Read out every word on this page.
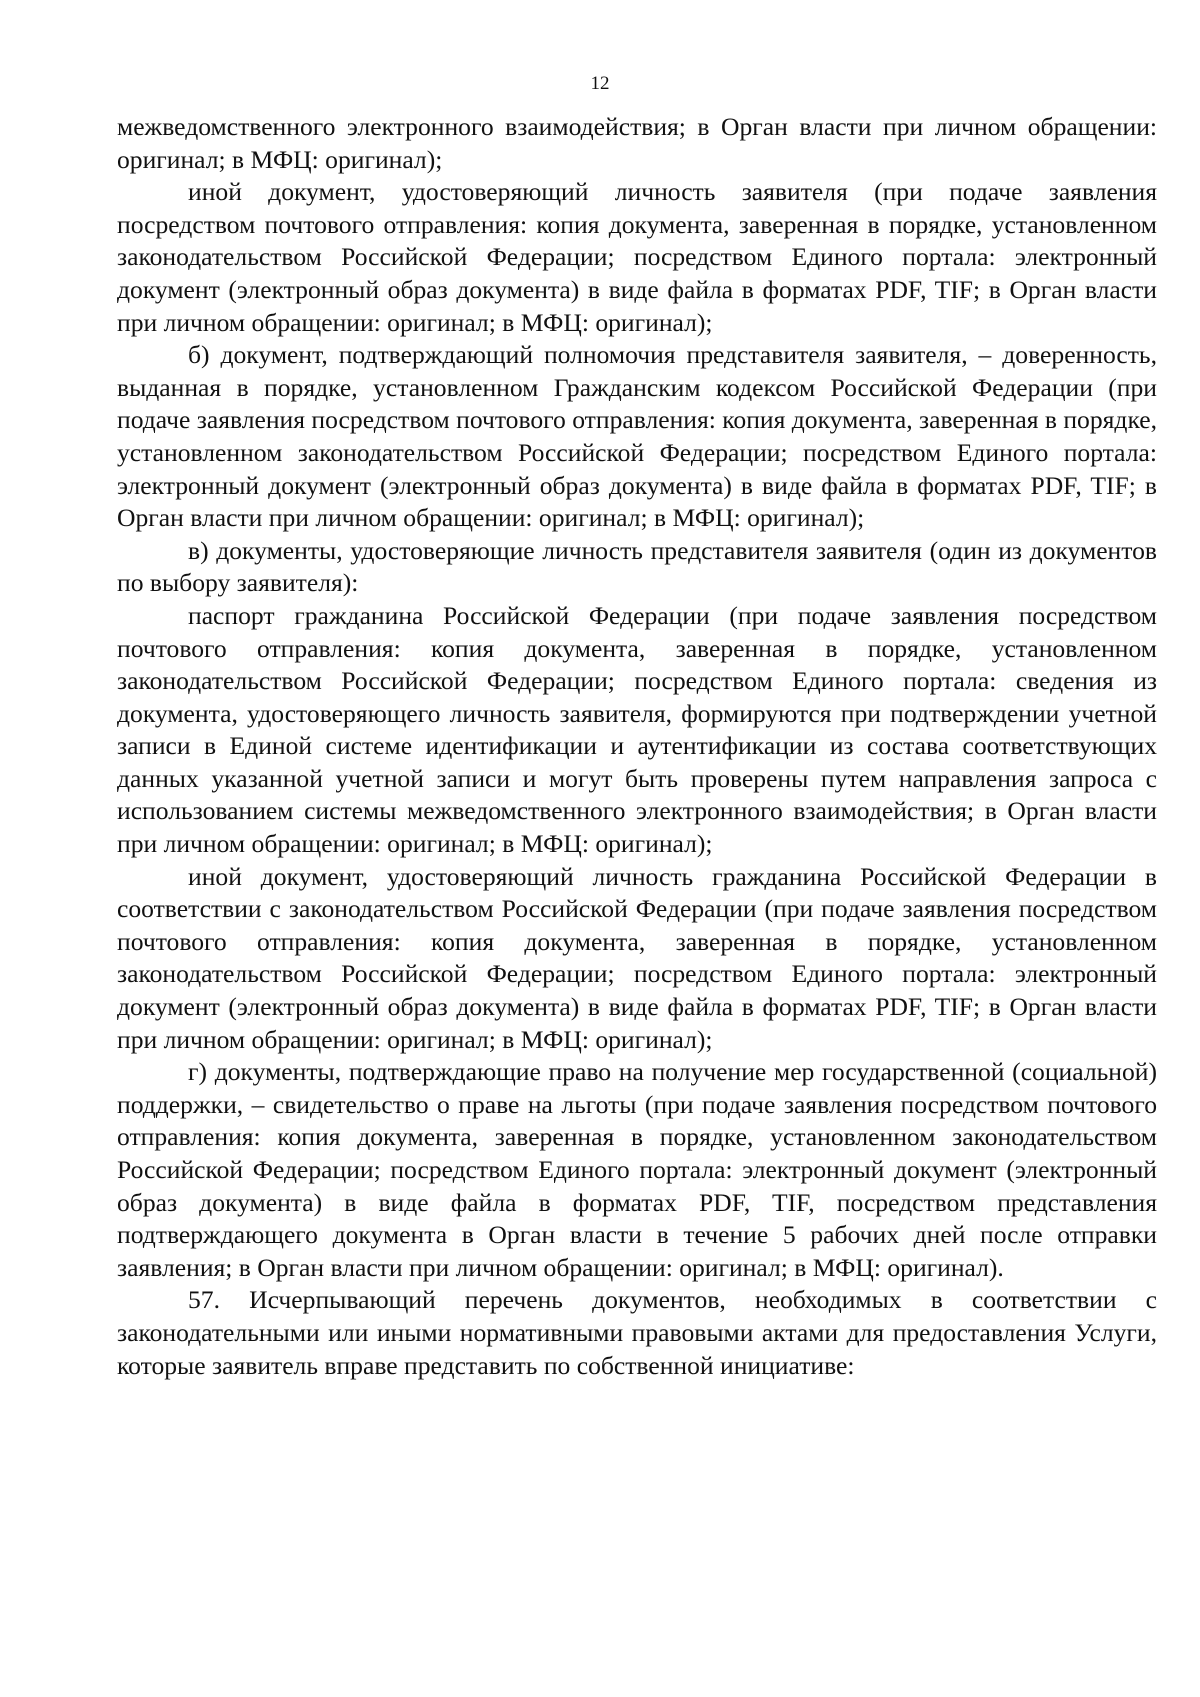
12

межведомственного электронного взаимодействия; в Орган власти при личном обращении: оригинал; в МФЦ: оригинал);

иной документ, удостоверяющий личность заявителя (при подаче заявления посредством почтового отправления: копия документа, заверенная в порядке, установленном законодательством Российской Федерации; посредством Единого портала: электронный документ (электронный образ документа) в виде файла в форматах PDF, TIF; в Орган власти при личном обращении: оригинал; в МФЦ: оригинал);

б) документ, подтверждающий полномочия представителя заявителя, – доверенность, выданная в порядке, установленном Гражданским кодексом Российской Федерации (при подаче заявления посредством почтового отправления: копия документа, заверенная в порядке, установленном законодательством Российской Федерации; посредством Единого портала: электронный документ (электронный образ документа) в виде файла в форматах PDF, TIF; в Орган власти при личном обращении: оригинал; в МФЦ: оригинал);

в) документы, удостоверяющие личность представителя заявителя (один из документов по выбору заявителя):

паспорт гражданина Российской Федерации (при подаче заявления посредством почтового отправления: копия документа, заверенная в порядке, установленном законодательством Российской Федерации; посредством Единого портала: сведения из документа, удостоверяющего личность заявителя, формируются при подтверждении учетной записи в Единой системе идентификации и аутентификации из состава соответствующих данных указанной учетной записи и могут быть проверены путем направления запроса с использованием системы межведомственного электронного взаимодействия; в Орган власти при личном обращении: оригинал; в МФЦ: оригинал);

иной документ, удостоверяющий личность гражданина Российской Федерации в соответствии с законодательством Российской Федерации (при подаче заявления посредством почтового отправления: копия документа, заверенная в порядке, установленном законодательством Российской Федерации; посредством Единого портала: электронный документ (электронный образ документа) в виде файла в форматах PDF, TIF; в Орган власти при личном обращении: оригинал; в МФЦ: оригинал);

г) документы, подтверждающие право на получение мер государственной (социальной) поддержки, – свидетельство о праве на льготы (при подаче заявления посредством почтового отправления: копия документа, заверенная в порядке, установленном законодательством Российской Федерации; посредством Единого портала: электронный документ (электронный образ документа) в виде файла в форматах PDF, TIF, посредством представления подтверждающего документа в Орган власти в течение 5 рабочих дней после отправки заявления; в Орган власти при личном обращении: оригинал; в МФЦ: оригинал).

57. Исчерпывающий перечень документов, необходимых в соответствии с законодательными или иными нормативными правовыми актами для предоставления Услуги, которые заявитель вправе представить по собственной инициативе:
